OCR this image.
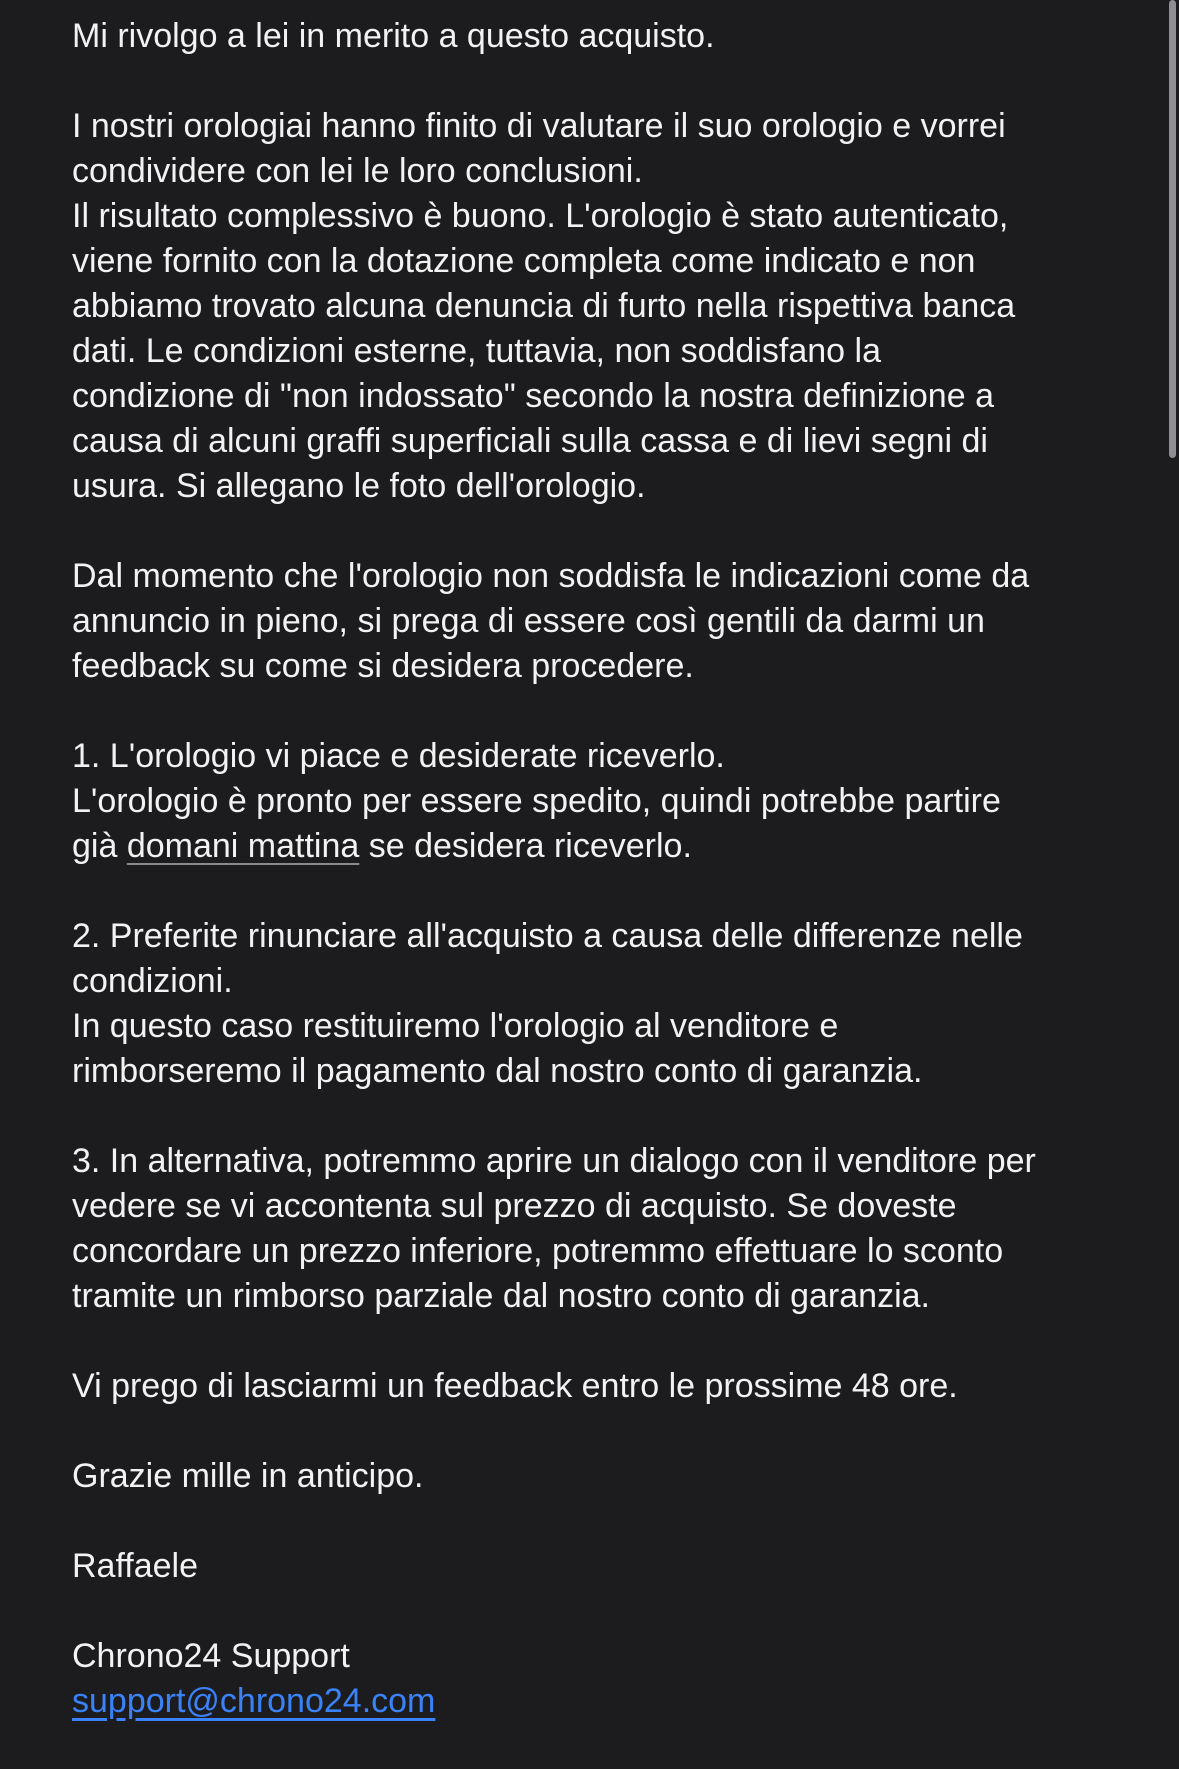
Mi rivolgo a lei in merito a questo acquisto.

I nostri orologiai hanno finito di valutare il suo orologio e vorrei
condividere con lei le loro conclusioni.
Il risultato complessivo è buono. L'orologio è stato autenticato,
viene fornito con la dotazione completa come indicato e non
abbiamo trovato alcuna denuncia di furto nella rispettiva banca
dati. Le condizioni esterne, tuttavia, non soddisfano la
condizione di "non indossato" secondo la nostra definizione a
causa di alcuni graffi superficiali sulla cassa e di lievi segni di
usura. Si allegano le foto dell'orologio.

Dal momento che l'orologio non soddisfa le indicazioni come da
annuncio in pieno, si prega di essere così gentili da darmi un
feedback su come si desidera procedere.

1. L'orologio vi piace e desiderate riceverlo.
L'orologio è pronto per essere spedito, quindi potrebbe partire
già domani mattina se desidera riceverlo.

2. Preferite rinunciare all'acquisto a causa delle differenze nelle
condizioni.
In questo caso restituiremo l'orologio al venditore e
rimborseremo il pagamento dal nostro conto di garanzia.

3. In alternativa, potremmo aprire un dialogo con il venditore per
vedere se vi accontenta sul prezzo di acquisto. Se doveste
concordare un prezzo inferiore, potremmo effettuare lo sconto
tramite un rimborso parziale dal nostro conto di garanzia.

Vi prego di lasciarmi un feedback entro le prossime 48 ore.

Grazie mille in anticipo.

Raffaele

Chrono24 Support
support@chrono24.com
